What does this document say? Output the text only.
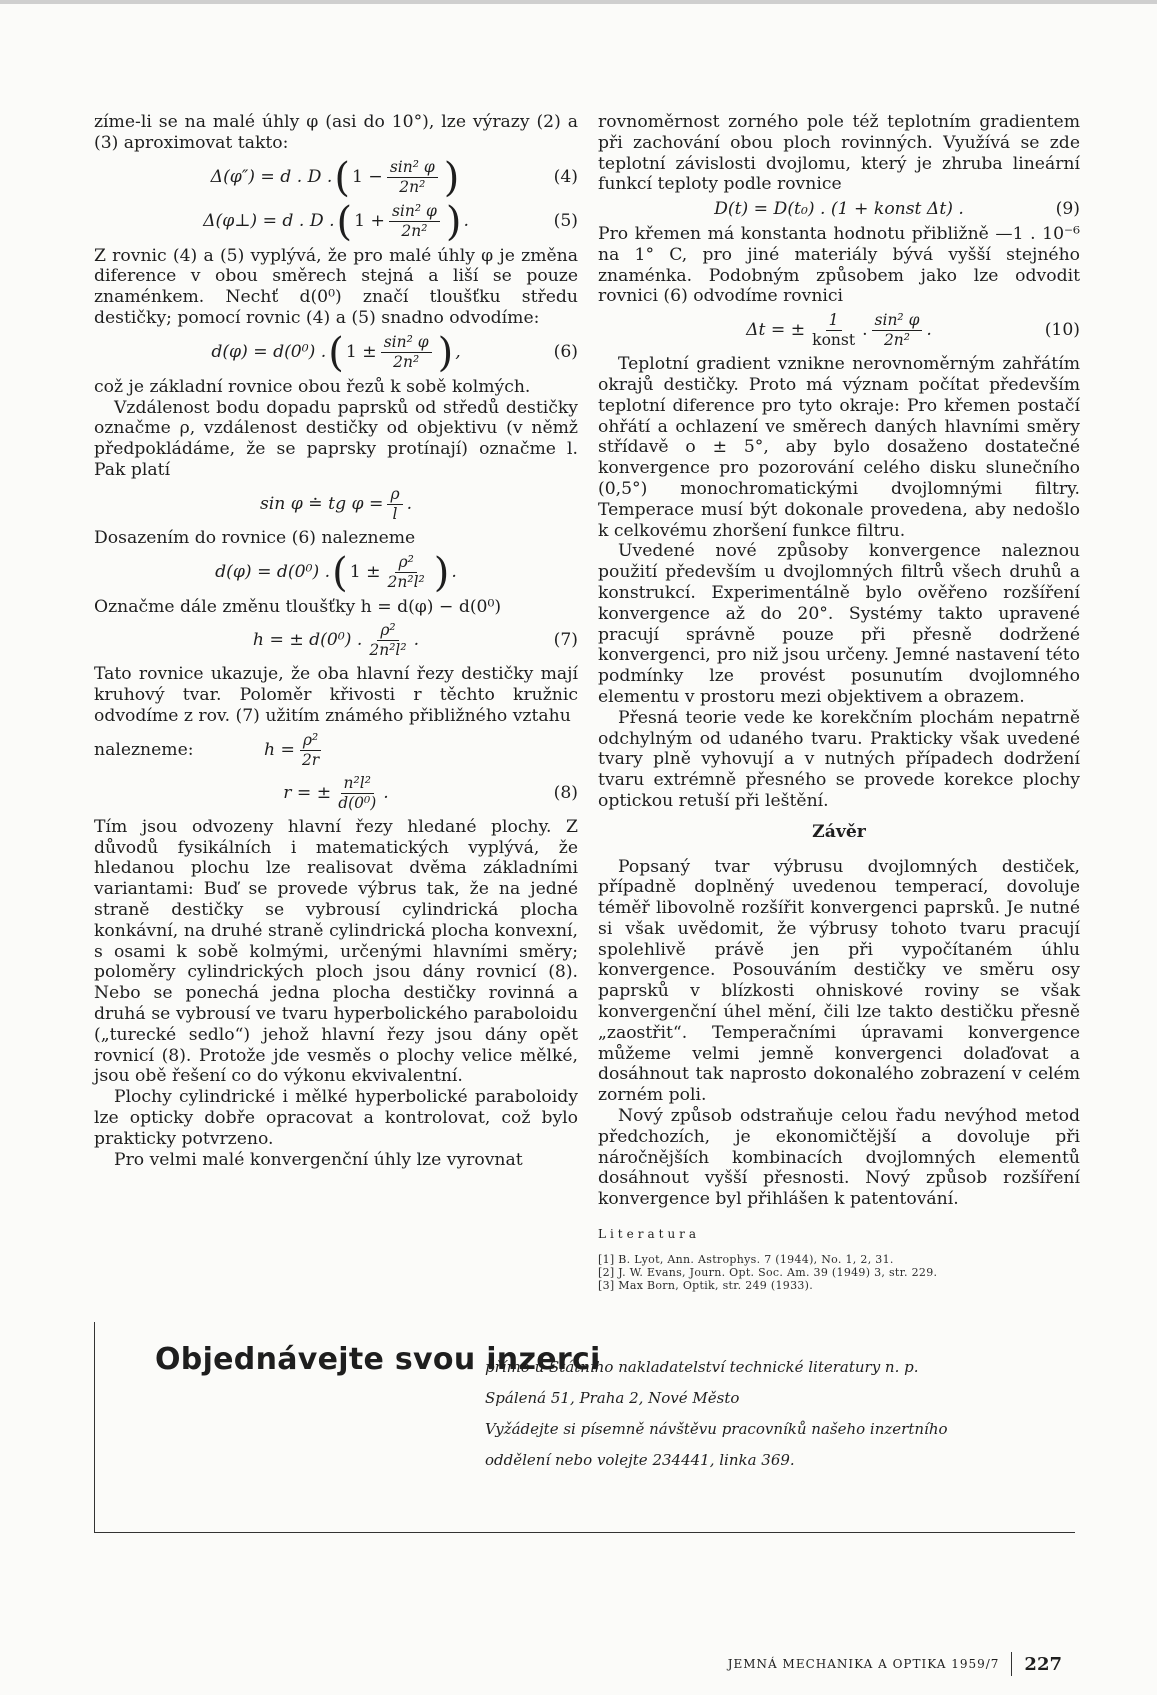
zíme-li se na malé úhly φ (asi do 10°), lze výrazy (2) a (3) aproximovat takto:

Δ(φ″) = d . D . ( $1 - \frac{\text{sin² φ}}{\text{2n²}}$ )	(4)
Δ(φ⊥) = d . D . ( $1 + \frac{\text{sin² φ}}{\text{2n²}}$ ) .	(5)

Z rovnic (4) a (5) vyplývá, že pro malé úhly φ je změna diference v obou směrech stejná a liší se pouze znaménkem. Nechť d(0⁰) značí tloušťku středu destičky; pomocí rovnic (4) a (5) snadno odvodíme:

d(φ) = d(0⁰) . ( $1 \pm \frac{\text{sin² φ}}{\text{2n²}}$ ) ,	(6)

což je základní rovnice obou řezů k sobě kolmých.

Vzdálenost bodu dopadu paprsků od středů destičky označme ρ, vzdálenost destičky od objektivu (v němž předpokládáme, že se paprsky protínají) označme l. Pak platí

sin φ ≐ tg $\varphi = \frac{\rho}{l}$ .

Dosazením do rovnice (6) nalezneme

d(φ) = d(0⁰) . ( $1 \pm \frac{\text{ρ²}}{\text{2n²l²}}$ ) .

Označme dále změnu tloušťky h = d(φ) − d(0⁰)

h = ± d(0⁰) . $\frac{\text{ρ²}}{\text{2n²l²}}$ .	(7)

Tato rovnice ukazuje, že oba hlavní řezy destičky mají kruhový tvar. Poloměr křivosti r těchto kružnic odvodíme z rov. (7) užitím známého přibližného vztahu

nalezneme:	$h = \frac{\text{ρ²}}{2r}$
r = ± $\frac{\text{n²l²}}{\text{d(0⁰)}}$ .	(8)

Tím jsou odvozeny hlavní řezy hledané plochy. Z důvodů fysikálních i matematických vyplývá, že hledanou plochu lze realisovat dvěma základními variantami: Buď se provede výbrus tak, že na jedné straně destičky se vybrousí cylindrická plocha konkávní, na druhé straně cylindrická plocha konvexní, s osami k sobě kolmými, určenými hlavními směry; poloměry cylindrických ploch jsou dány rovnicí (8). Nebo se ponechá jedna plocha destičky rovinná a druhá se vybrousí ve tvaru hyperbolického paraboloidu („turecké sedlo“) jehož hlavní řezy jsou dány opět rovnicí (8). Protože jde vesměs o plochy velice mělké, jsou obě řešení co do výkonu ekvivalentní.

Plochy cylindrické i mělké hyperbolické paraboloidy lze opticky dobře opracovat a kontrolovat, což bylo prakticky potvrzeno.

Pro velmi malé konvergenční úhly lze vyrovnat

rovnoměrnost zorného pole též teplotním gradientem při zachování obou ploch rovinných. Využívá se zde teplotní závislosti dvojlomu, který je zhruba lineární funkcí teploty podle rovnice

D(t) = D(t₀) . (1 + konst Δt) .	(9)

Pro křemen má konstanta hodnotu přibližně —1 . 10⁻⁶ na 1° C, pro jiné materiály bývá vyšší stejného znaménka. Podobným způsobem jako lze odvodit rovnici (6) odvodíme rovnici

Δt = ± $\frac{1}{\text{konst}}$ . $\frac{\text{sin² φ}}{\text{2n²}}$ .	(10)

Teplotní gradient vznikne nerovnoměrným zahřátím okrajů destičky. Proto má význam počítat především teplotní diference pro tyto okraje: Pro křemen postačí ohřátí a ochlazení ve směrech daných hlavními směry střídavě o ± 5°, aby bylo dosaženo dostatečné konvergence pro pozorování celého disku slunečního (0,5°) monochromatickými dvojlomnými filtry. Temperace musí být dokonale provedena, aby nedošlo k celkovému zhoršení funkce filtru.

Uvedené nové způsoby konvergence naleznou použití především u dvojlomných filtrů všech druhů a konstrukcí. Experimentálně bylo ověřeno rozšíření konvergence až do 20°. Systémy takto upravené pracují správně pouze při přesně dodržené konvergenci, pro niž jsou určeny. Jemné nastavení této podmínky lze provést posunutím dvojlomného elementu v prostoru mezi objektivem a obrazem.

Přesná teorie vede ke korekčním plochám nepatrně odchylným od udaného tvaru. Prakticky však uvedené tvary plně vyhovují a v nutných případech dodržení tvaru extrémně přesného se provede korekce plochy optickou retuší při leštění.

Závěr

Popsaný tvar výbrusu dvojlomných destiček, případně doplněný uvedenou temperací, dovoluje téměř libovolně rozšířit konvergenci paprsků. Je nutné si však uvědomit, že výbrusy tohoto tvaru pracují spolehlivě právě jen při vypočítaném úhlu konvergence. Posouváním destičky ve směru osy paprsků v blízkosti ohniskové roviny se však konvergenční úhel mění, čili lze takto destičku přesně „zaostřit“. Temperačními úpravami konvergence můžeme velmi jemně konvergenci dolaďovat a dosáhnout tak naprosto dokonalého zobrazení v celém zorném poli.

Nový způsob odstraňuje celou řadu nevýhod metod předchozích, je ekonomičtější a dovoluje při náročnějších kombinacích dvojlomných elementů dosáhnout vyšší přesnosti. Nový způsob rozšíření konvergence byl přihlášen k patentování.

Literatura
[1] B. Lyot, Ann. Astrophys. 7 (1944), No. 1, 2, 31.
[2] J. W. Evans, Journ. Opt. Soc. Am. 39 (1949) 3, str. 229.
[3] Max Born, Optik, str. 249 (1933).
Objednávejte svou inzerci
přímo u Státního nakladatelství technické literatury n. p.
Spálená 51, Praha 2, Nové Město
Vyžádejte si písemně návštěvu pracovníků našeho inzertního
oddělení nebo volejte 234441, linka 369.
JEMNÁ MECHANIKA A OPTIKA 1959/7 227
